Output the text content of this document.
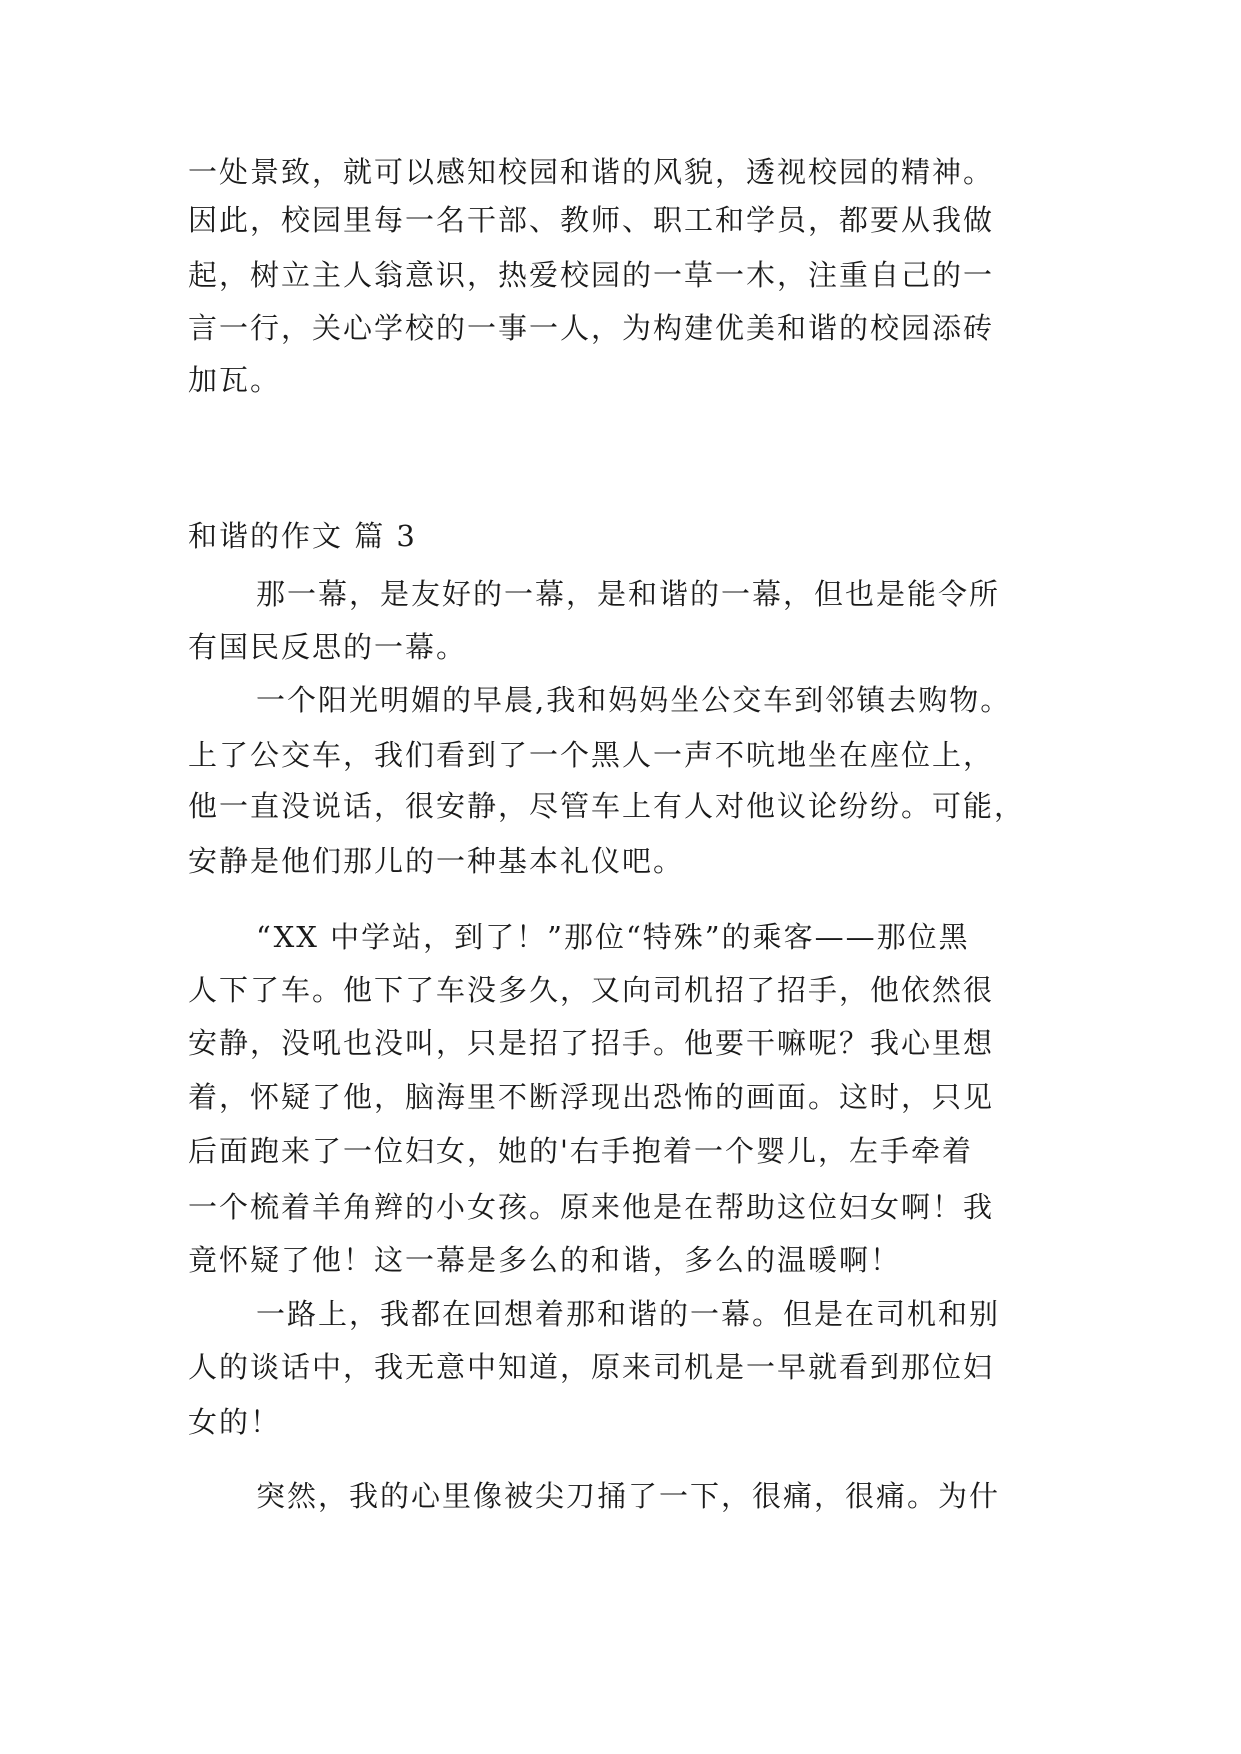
一处景致，就可以感知校园和谐的风貌，透视校园的精神。
因此，校园里每一名干部、教师、职工和学员，都要从我做
起，树立主人翁意识，热爱校园的一草一木，注重自己的一
言一行，关心学校的一事一人，为构建优美和谐的校园添砖
加瓦。
和谐的作文 篇 3
那一幕，是友好的一幕，是和谐的一幕，但也是能令所
有国民反思的一幕。
一个阳光明媚的早晨,我和妈妈坐公交车到邻镇去购物。
上了公交车，我们看到了一个黑人一声不吭地坐在座位上，
他一直没说话，很安静，尽管车上有人对他议论纷纷。可能，
安静是他们那儿的一种基本礼仪吧。
“XX 中学站，到了！”那位“特殊”的乘客——那位黑
人下了车。他下了车没多久，又向司机招了招手，他依然很
安静，没吼也没叫，只是招了招手。他要干嘛呢？我心里想
着，怀疑了他，脑海里不断浮现出恐怖的画面。这时，只见
后面跑来了一位妇女，她的'右手抱着一个婴儿，左手牵着
一个梳着羊角辫的小女孩。原来他是在帮助这位妇女啊！我
竟怀疑了他！这一幕是多么的和谐，多么的温暖啊！
一路上，我都在回想着那和谐的一幕。但是在司机和别
人的谈话中，我无意中知道，原来司机是一早就看到那位妇
女的！
突然，我的心里像被尖刀捅了一下，很痛，很痛。为什
